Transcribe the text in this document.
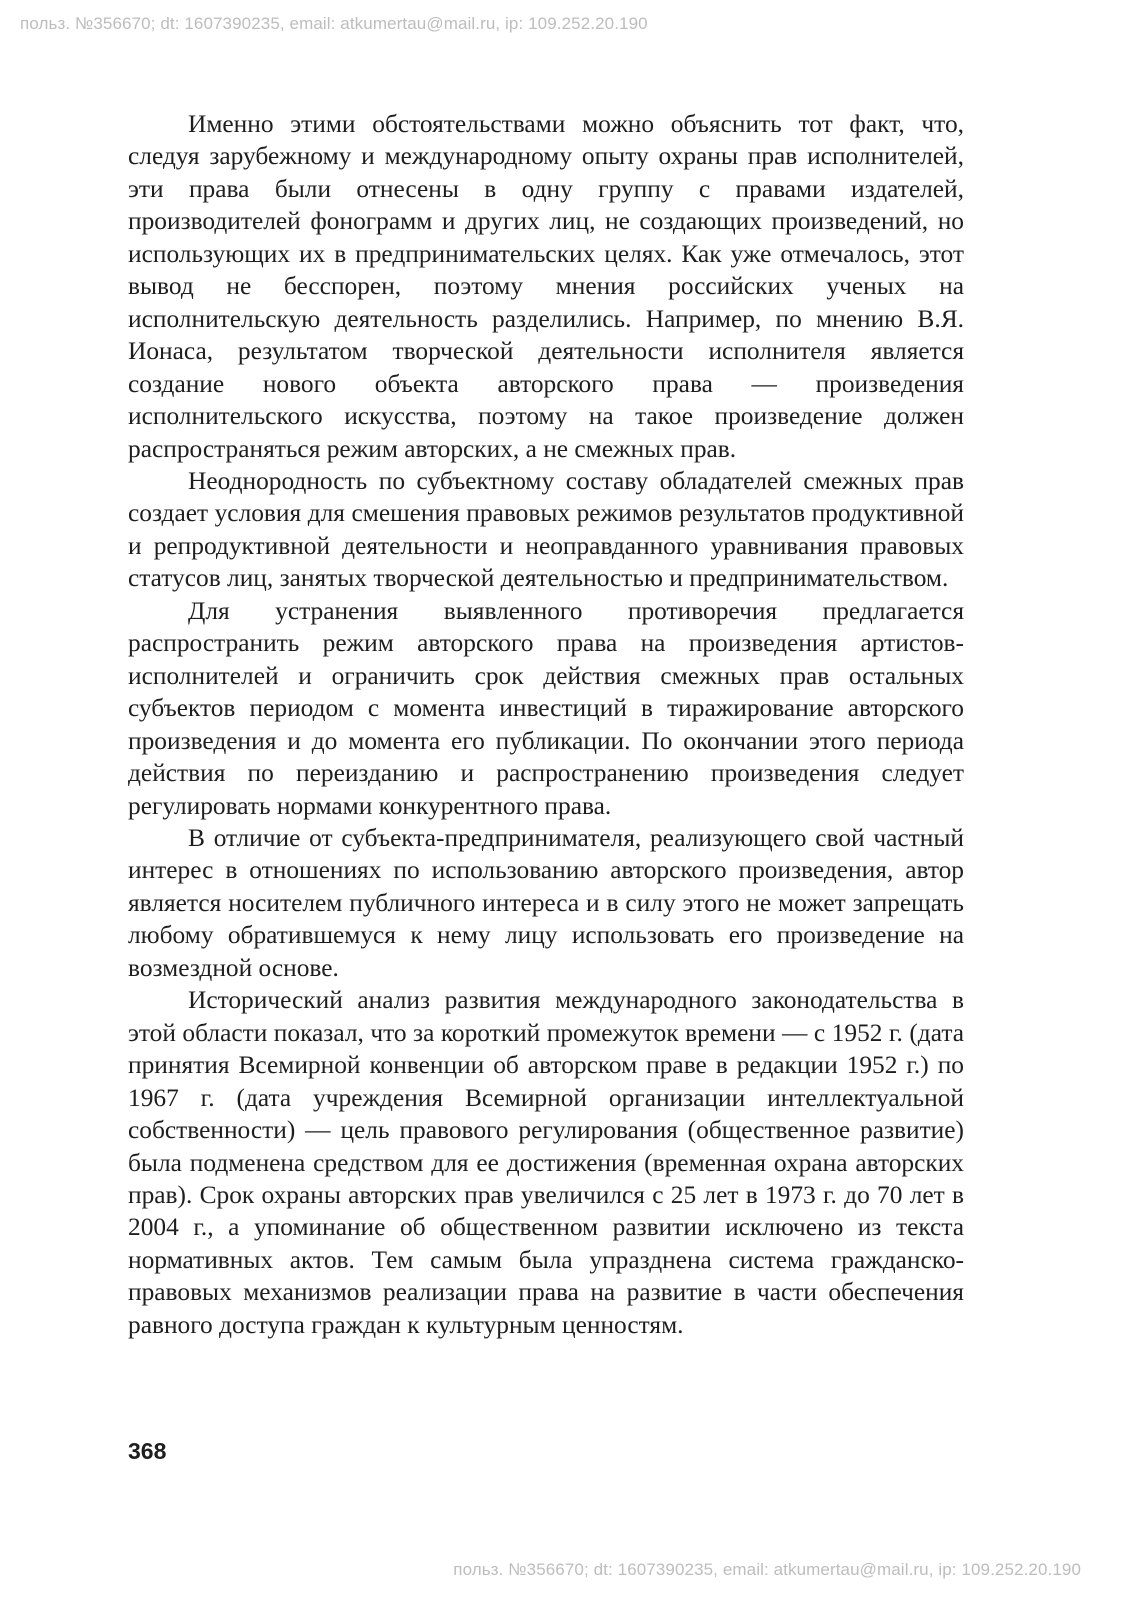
польз. №356670; dt: 1607390235, email: atkumertau@mail.ru, ip: 109.252.20.190

Именно этими обстоятельствами можно объяснить тот факт, что, следуя зарубежному и международному опыту охраны прав исполнителей, эти права были отнесены в одну группу с правами издателей, производителей фонограмм и других лиц, не создающих произведений, но использующих их в предпринимательских целях. Как уже отмечалось, этот вывод не бесспорен, поэтому мнения российских ученых на исполнительскую деятельность разделились. Например, по мнению В.Я. Ионаса, результатом творческой деятельности исполнителя является создание нового объекта авторского права — произведения исполнительского искусства, поэтому на такое произведение должен распространяться режим авторских, а не смежных прав.

Неоднородность по субъектному составу обладателей смежных прав создает условия для смешения правовых режимов результатов продуктивной и репродуктивной деятельности и неоправданного уравнивания правовых статусов лиц, занятых творческой деятельностью и предпринимательством.

Для устранения выявленного противоречия предлагается распространить режим авторского права на произведения артистов-исполнителей и ограничить срок действия смежных прав остальных субъектов периодом с момента инвестиций в тиражирование авторского произведения и до момента его публикации. По окончании этого периода действия по переизданию и распространению произведения следует регулировать нормами конкурентного права.

В отличие от субъекта-предпринимателя, реализующего свой частный интерес в отношениях по использованию авторского произведения, автор является носителем публичного интереса и в силу этого не может запрещать любому обратившемуся к нему лицу использовать его произведение на возмездной основе.

Исторический анализ развития международного законодательства в этой области показал, что за короткий промежуток времени — с 1952 г. (дата принятия Всемирной конвенции об авторском праве в редакции 1952 г.) по 1967 г. (дата учреждения Всемирной организации интеллектуальной собственности) — цель правового регулирования (общественное развитие) была подменена средством для ее достижения (временная охрана авторских прав). Срок охраны авторских прав увеличился с 25 лет в 1973 г. до 70 лет в 2004 г., а упоминание об общественном развитии исключено из текста нормативных актов. Тем самым была упразднена система гражданско-правовых механизмов реализации права на развитие в части обеспечения равного доступа граждан к культурным ценностям.

368
польз. №356670; dt: 1607390235, email: atkumertau@mail.ru, ip: 109.252.20.190
